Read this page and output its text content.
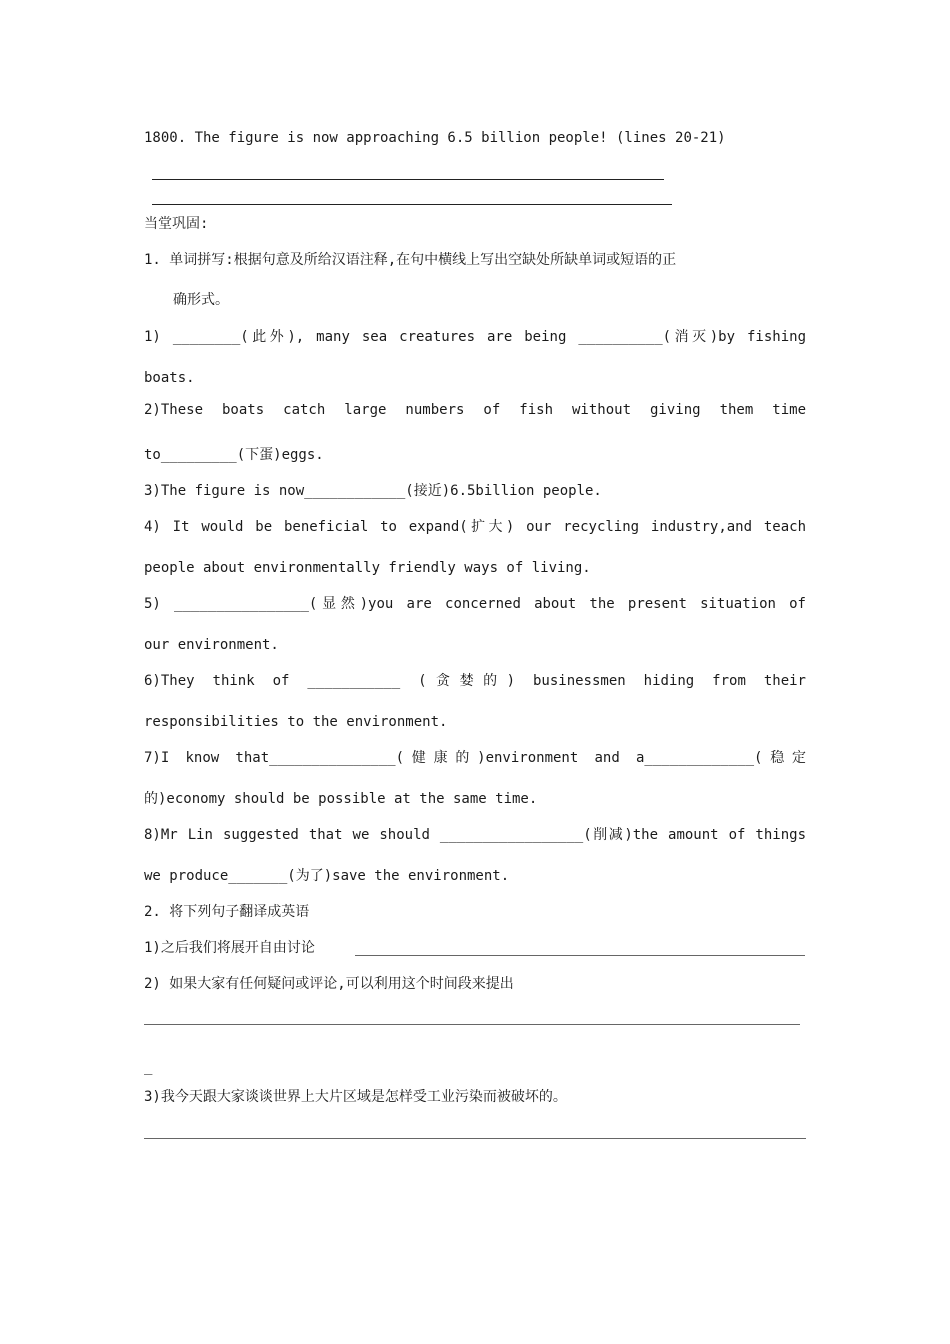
1800. The figure is now approaching 6.5 billion people! (lines 20-21)
当堂巩固:
1. 单词拼写:根据句意及所给汉语注释,在句中横线上写出空缺处所缺单词或短语的正
确形式。
1) ________(此外), many sea creatures are being __________(消灭)by fishing
boats.
2)These boats catch large numbers of fish without giving them time
to_________(下蛋)eggs.
3)The figure is now____________(接近)6.5billion people.
4) It would be beneficial to expand(扩大) our recycling industry,and teach
people about environmentally friendly ways of living.
5) ________________(显然)you are concerned about the present situation of
our environment.
6)They think of ___________ (贪婪的) businessmen hiding from their
responsibilities to the environment.
7)I know that_______________(健康的)environment and a_____________(稳定
的)economy should be possible at the same time.
8)Mr Lin suggested that we should _________________(削减)the amount of things
we produce_______(为了)save the environment.
2. 将下列句子翻译成英语
1)之后我们将展开自由讨论
2) 如果大家有任何疑问或评论,可以利用这个时间段来提出
_
3)我今天跟大家谈谈世界上大片区域是怎样受工业污染而被破坏的。
